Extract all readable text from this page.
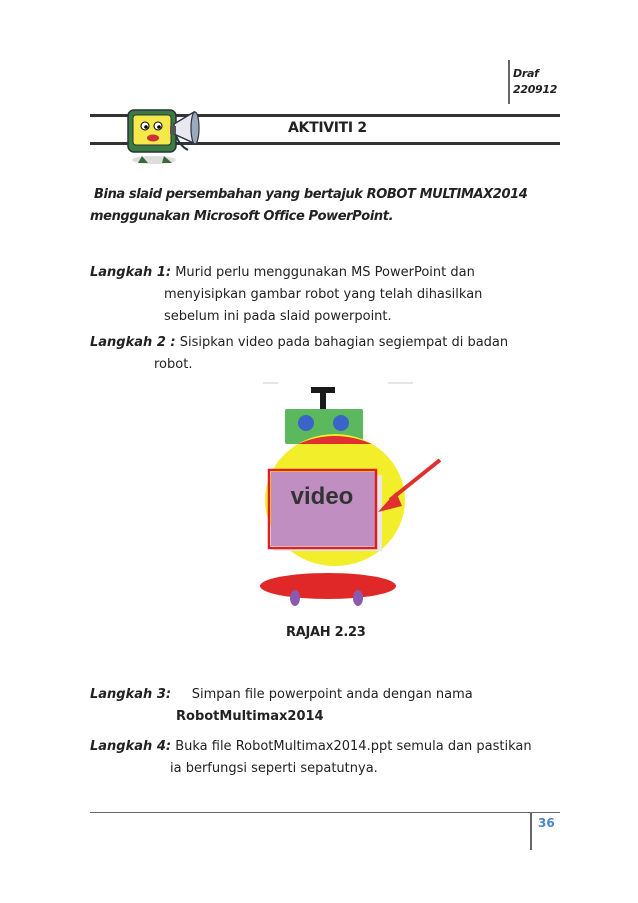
Draf
220912
AKTIVITI 2
Bina slaid persembahan yang bertajuk ROBOT MULTIMAX2014
menggunakan Microsoft Office PowerPoint.
Langkah 1: Murid perlu menggunakan MS PowerPoint dan
menyisipkan gambar robot yang telah dihasilkan
sebelum ini pada slaid powerpoint.
Langkah 2 : Sisipkan video pada bahagian segiempat di badan
robot.
video
RAJAH 2.23
Langkah 3: Simpan file powerpoint anda dengan nama
RobotMultimax2014
Langkah 4: Buka file RobotMultimax2014.ppt semula dan pastikan
ia berfungsi seperti sepatutnya.
36
